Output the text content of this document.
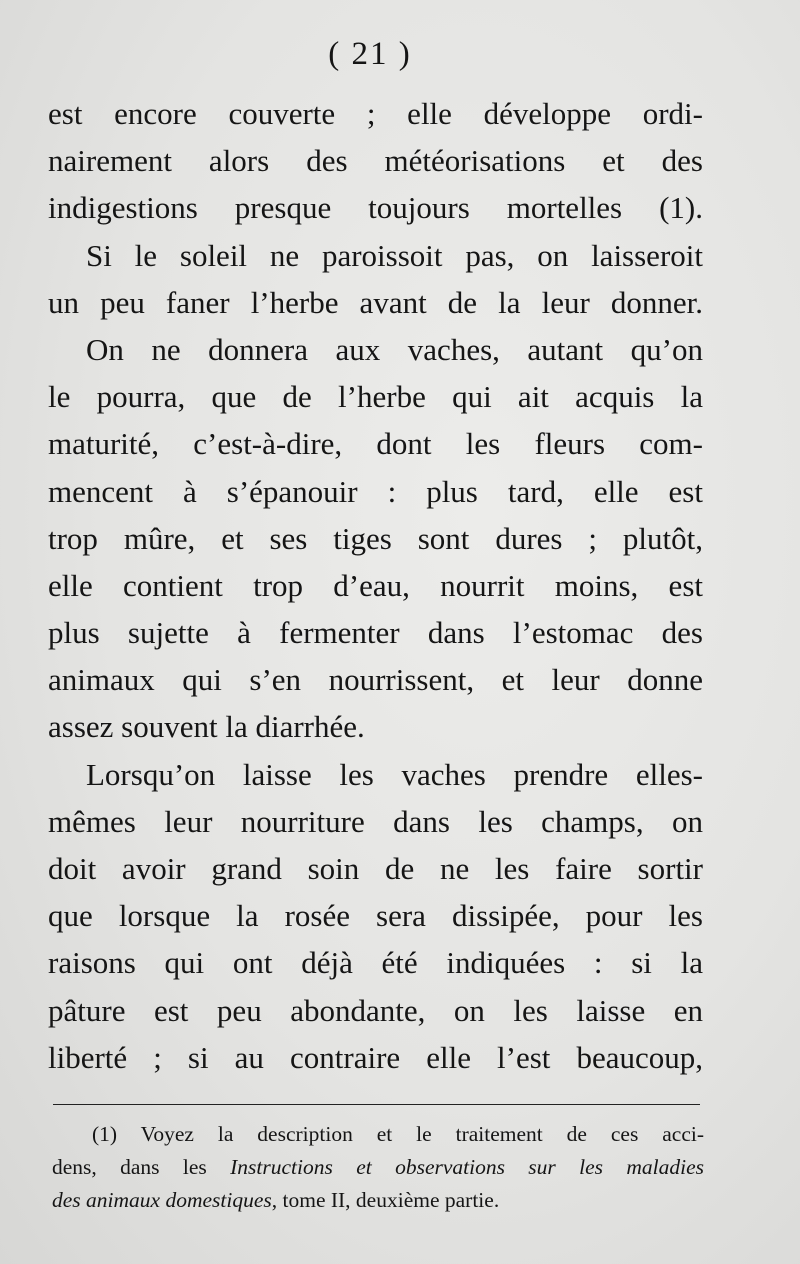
( 21 )
est encore couverte ; elle développe ordi-
nairement alors des météorisations et des
indigestions presque toujours mortelles (1).
Si le soleil ne paroissoit pas, on laisseroit
un peu faner l’herbe avant de la leur donner.
On ne donnera aux vaches, autant qu’on
le pourra, que de l’herbe qui ait acquis la
maturité, c’est-à-dire, dont les fleurs com-
mencent à s’épanouir : plus tard, elle est
trop mûre, et ses tiges sont dures ; plutôt,
elle contient trop d’eau, nourrit moins, est
plus sujette à fermenter dans l’estomac des
animaux qui s’en nourrissent, et leur donne
assez souvent la diarrhée.
Lorsqu’on laisse les vaches prendre elles-
mêmes leur nourriture dans les champs, on
doit avoir grand soin de ne les faire sortir
que lorsque la rosée sera dissipée, pour les
raisons qui ont déjà été indiquées : si la
pâture est peu abondante, on les laisse en
liberté ; si au contraire elle l’est beaucoup,
(1) Voyez la description et le traitement de ces acci-
dens, dans les Instructions et observations sur les maladies
des animaux domestiques, tome II, deuxième partie.
